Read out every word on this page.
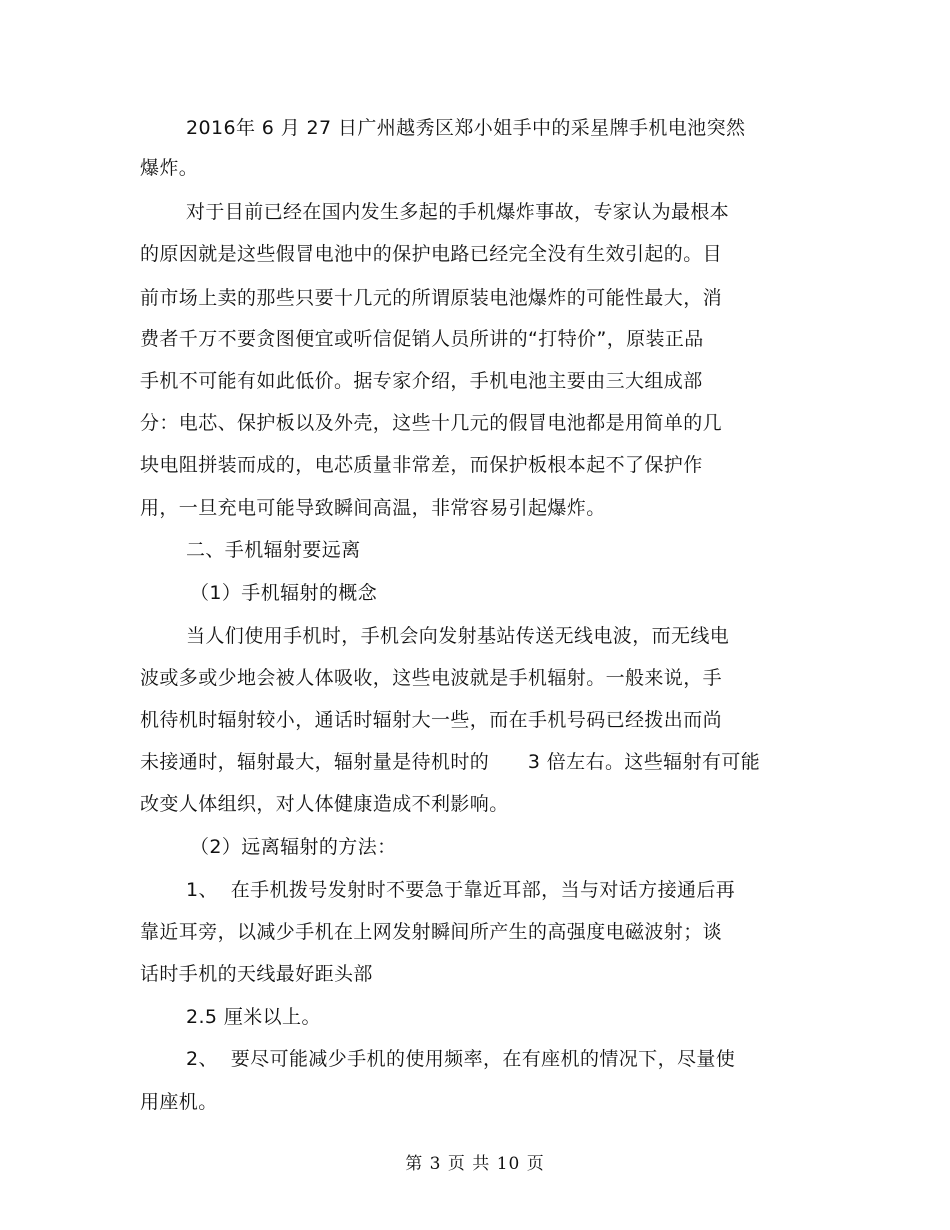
2016年 6 月 27 日广州越秀区郑小姐手中的采星牌手机电池突然
爆炸。
对于目前已经在国内发生多起的手机爆炸事故，专家认为最根本
的原因就是这些假冒电池中的保护电路已经完全没有生效引起的。目
前市场上卖的那些只要十几元的所谓原装电池爆炸的可能性最大，消
费者千万不要贪图便宜或听信促销人员所讲的“打特价”，原装正品
手机不可能有如此低价。据专家介绍，手机电池主要由三大组成部
分：电芯、保护板以及外壳，这些十几元的假冒电池都是用简单的几
块电阻拼装而成的，电芯质量非常差，而保护板根本起不了保护作
用，一旦充电可能导致瞬间高温，非常容易引起爆炸。
二、手机辐射要远离
（1）手机辐射的概念
当人们使用手机时，手机会向发射基站传送无线电波，而无线电
波或多或少地会被人体吸收，这些电波就是手机辐射。一般来说，手
机待机时辐射较小，通话时辐射大一些，而在手机号码已经拨出而尚
未接通时，辐射最大，辐射量是待机时的      3 倍左右。这些辐射有可能
改变人体组织，对人体健康造成不利影响。
（2）远离辐射的方法：
1、  在手机拨号发射时不要急于靠近耳部，当与对话方接通后再
靠近耳旁，以减少手机在上网发射瞬间所产生的高强度电磁波射；谈
话时手机的天线最好距头部
2.5 厘米以上。
2、  要尽可能减少手机的使用频率，在有座机的情况下，尽量使
用座机。
第 3 页 共 10 页
